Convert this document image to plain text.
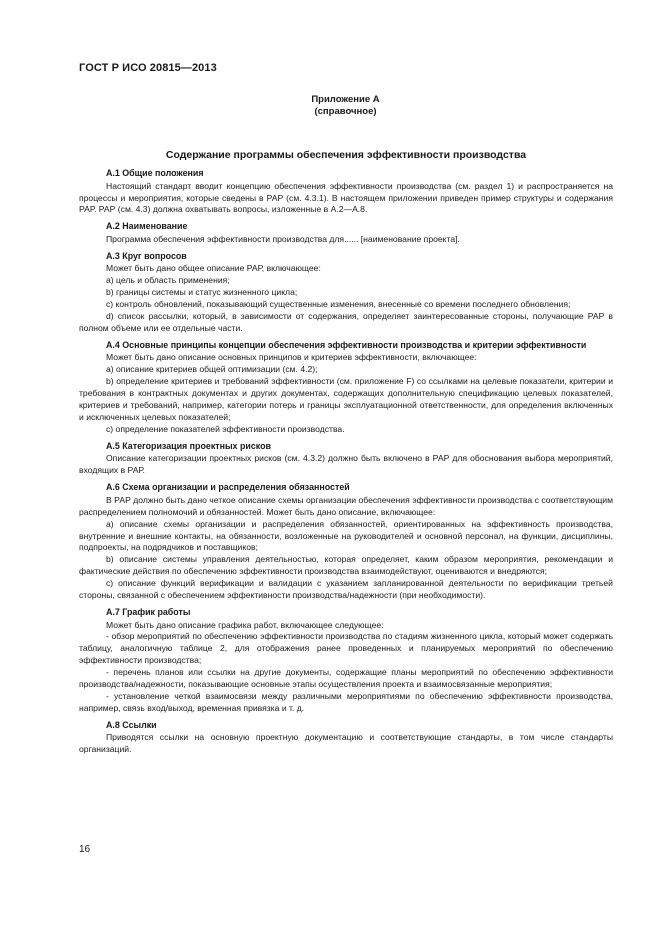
ГОСТ Р ИСО 20815—2013
Приложение А
(справочное)
Содержание программы обеспечения эффективности производства
А.1 Общие положения

Настоящий стандарт вводит концепцию обеспечения эффективности производства (см. раздел 1) и распространяется на процессы и мероприятия, которые сведены в РАР (см. 4.3.1). В настоящем приложении приведен пример структуры и содержания РАР. РАР (см. 4.3) должна охватывать вопросы, изложенные в А.2—А.8.

А.2 Наименование

Программа обеспечения эффективности производства для...... [наименование проекта].

А.3 Круг вопросов

Может быть дано общее описание РАР, включающее:

а) цель и область применения;

b) границы системы и статус жизненного цикла;

с) контроль обновлений, показывающий существенные изменения, внесенные со времени последнего обновления;

d) список рассылки, который, в зависимости от содержания, определяет заинтересованные стороны, получающие РАР в полном объеме или ее отдельные части.

А.4 Основные принципы концепции обеспечения эффективности производства и критерии эффективности

Может быть дано описание основных принципов и критериев эффективности, включающее:

а) описание критериев общей оптимизации (см. 4.2);

b) определение критериев и требований эффективности (см. приложение F) со ссылками на целевые показатели, критерии и требования в контрактных документах и других документах, содержащих дополнительную спецификацию целевых показателей, критериев и требований, например, категории потерь и границы эксплуатационной ответственности, для определения включенных и исключенных целевых показателей;

с) определение показателей эффективности производства.

А.5 Категоризация проектных рисков

Описание категоризации проектных рисков (см. 4.3.2) должно быть включено в РАР для обоснования выбора мероприятий, входящих в РАР.

А.6 Схема организации и распределения обязанностей

В РАР должно быть дано четкое описание схемы организации обеспечения эффективности производства с соответствующим распределением полномочий и обязанностей. Может быть дано описание, включающее:

а) описание схемы организации и распределения обязанностей, ориентированных на эффективность производства, внутренние и внешние контакты, на обязанности, возложенные на руководителей и основной персонал, на функции, дисциплины, подпроекты, на подрядчиков и поставщиков;

b) описание системы управления деятельностью, которая определяет, каким образом мероприятия, рекомендации и фактические действия по обеспечению эффективности производства взаимодействуют, оцениваются и внедряются;

с) описание функций верификации и валидации с указанием запланированной деятельности по верификации третьей стороны, связанной с обеспечением эффективности производства/надежности (при необходимости).

А.7 График работы

Может быть дано описание графика работ, включающее следующее:

- обзор мероприятий по обеспечению эффективности производства по стадиям жизненного цикла, который может содержать таблицу, аналогичную таблице 2, для отображения ранее проведенных и планируемых мероприятий по обеспечению эффективности производства;

- перечень планов или ссылки на другие документы, содержащие планы мероприятий по обеспечению эффективности производства/надежности, показывающие основные этапы осуществления проекта и взаимосвязанные мероприятия;

- установление четкой взаимосвязи между различными мероприятиями по обеспечению эффективности производства, например, связь вход/выход, временная привязка и т. д.

А.8 Ссылки

Приводятся ссылки на основную проектную документацию и соответствующие стандарты, в том числе стандарты организаций.

16
